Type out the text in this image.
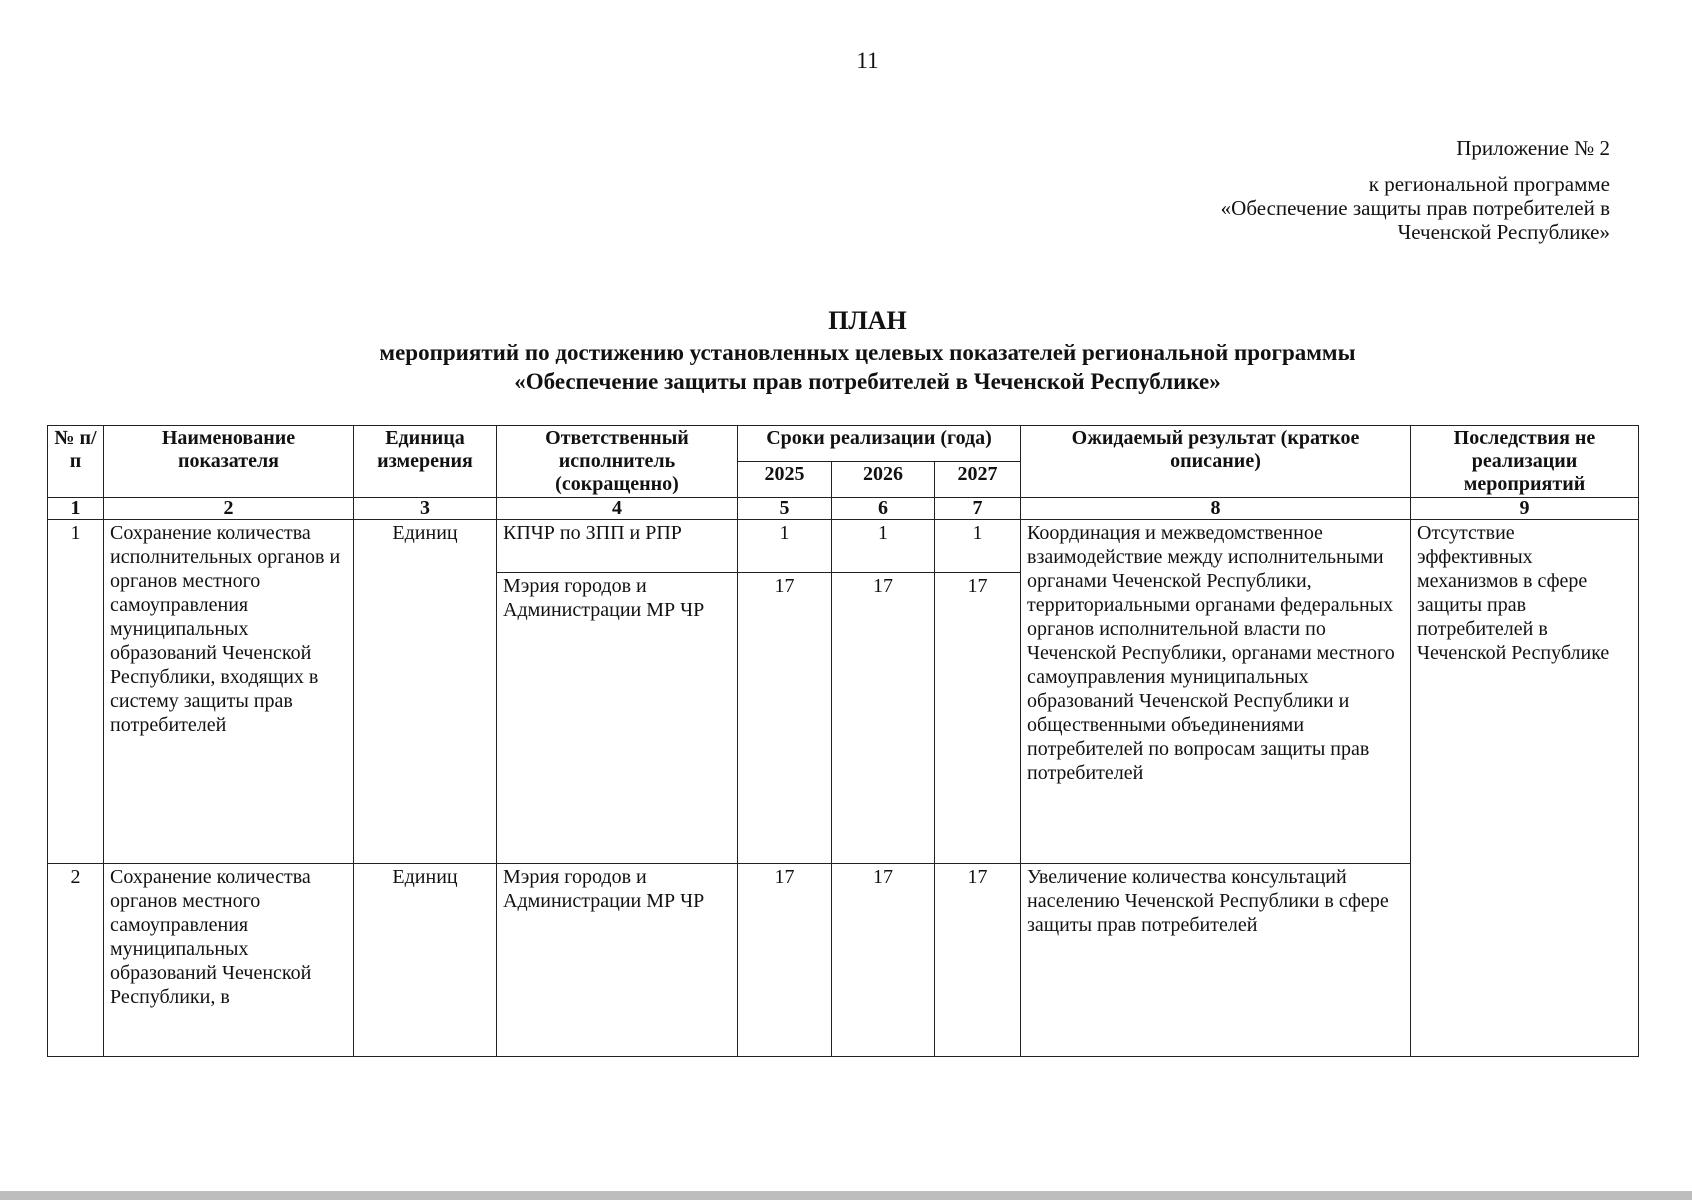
11
Приложение № 2
к региональной программе
«Обеспечение защиты прав потребителей в
Чеченской Республике»
ПЛАН
мероприятий по достижению установленных целевых показателей региональной программы
«Обеспечение защиты прав потребителей в Чеченской Республике»
№ п/п	Наименование показателя	Единица измерения	Ответственный исполнитель (сокращенно)	Сроки реализации (года)			Ожидаемый результат (краткое описание)	Последствия не реализации мероприятий
				2025	2026	2027		
1	2	3	4	5	6	7	8	9
1	Сохранение количества исполнительных органов и органов местного самоуправления муниципальных образований Чеченской Республики, входящих в систему защиты прав потребителей	Единиц	КПЧР по ЗПП и РПР	1	1	1	Координация и межведомственное взаимодействие между исполнительными органами Чеченской Республики, территориальными органами федеральных органов исполнительной власти по Чеченской Республики, органами местного самоуправления муниципальных образований Чеченской Республики и общественными объединениями потребителей по вопросам защиты прав потребителей	Отсутствие эффективных механизмов в сфере защиты прав потребителей в Чеченской Республике
			Мэрия городов и Администрации МР ЧР	17	17	17		
2	Сохранение количества органов местного самоуправления муниципальных образований Чеченской Республики, в	Единиц	Мэрия городов и Администрации МР ЧР	17	17	17	Увеличение количества консультаций населению Чеченской Республики в сфере защиты прав потребителей	
